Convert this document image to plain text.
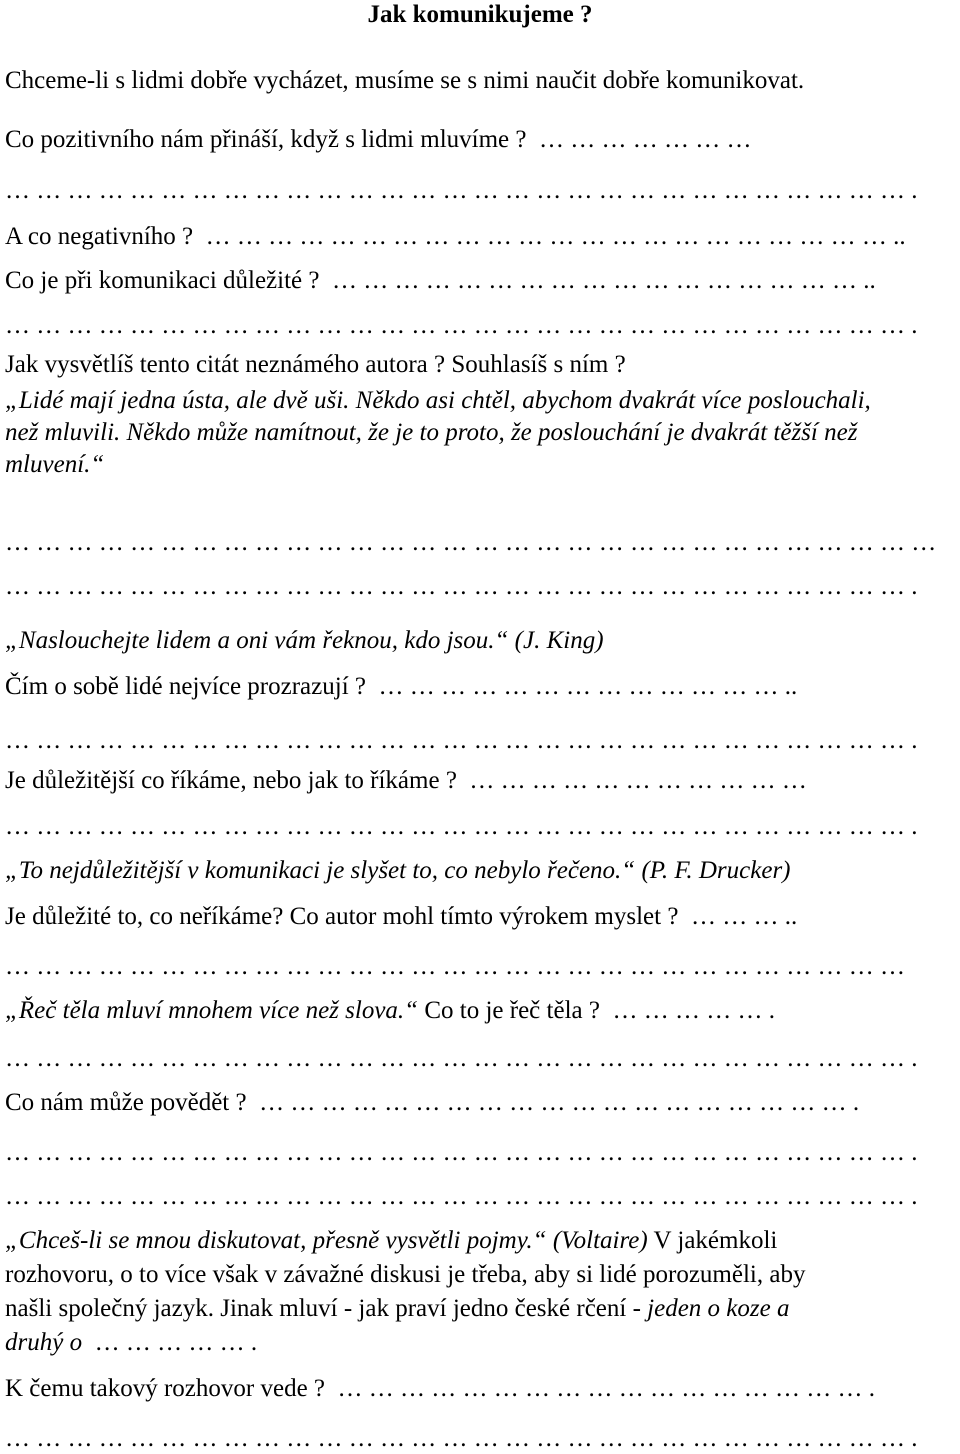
Jak komunikujeme ?
Chceme-li s lidmi dobře vycházet, musíme se s nimi naučit dobře komunikovat.
Co pozitivního nám přináší, když s lidmi mluvíme ?  … … … … … … …
… … … … … … … … … … … … … … … … … … … … … … … … … … … … … .
A co negativního ?  … … … … … … … … … … … … … … … … … … … … … … ..
Co je při komunikaci důležité ?  … … … … … … … … … … … … … … … … … ..
… … … … … … … … … … … … … … … … … … … … … … … … … … … … … .
Jak vysvětlíš tento citát neznámého autora ? Souhlasíš s ním ?
„Lidé mají jedna ústa, ale dvě uši. Někdo asi chtěl, abychom dvakrát více poslouchali,
než mluvili. Někdo může namítnout, že je to proto, že poslouchání je dvakrát těžší než
mluvení.“
… … … … … … … … … … … … … … … … … … … … … … … … … … … … … …
… … … … … … … … … … … … … … … … … … … … … … … … … … … … … .
„Naslouchejte lidem a oni vám řeknou, kdo jsou.“ (J. King)
Čím o sobě lidé nejvíce prozrazují ?  … … … … … … … … … … … … … ..
… … … … … … … … … … … … … … … … … … … … … … … … … … … … … .
Je důležitější co říkáme, nebo jak to říkáme ?  … … … … … … … … … … …
… … … … … … … … … … … … … … … … … … … … … … … … … … … … … .
„To nejdůležitější v komunikaci je slyšet to, co nebylo řečeno.“ (P. F. Drucker)
Je důležité to, co neříkáme? Co autor mohl tímto výrokem myslet ?  … … … ..
… … … … … … … … … … … … … … … … … … … … … … … … … … … … …
„Řeč těla mluví mnohem více než slova.“ Co to je řeč těla ?  … … … … … .
… … … … … … … … … … … … … … … … … … … … … … … … … … … … … .
Co nám může povědět ?  … … … … … … … … … … … … … … … … … … … .
… … … … … … … … … … … … … … … … … … … … … … … … … … … … … .
… … … … … … … … … … … … … … … … … … … … … … … … … … … … … .
„Chceš-li se mnou diskutovat, přesně vysvětli pojmy.“ (Voltaire) V jakémkoli
rozhovoru, o to více však v závažné diskusi je třeba, aby si lidé porozuměli, aby
našli společný jazyk. Jinak mluví - jak praví jedno české rčení - jeden o koze a
druhý o  … … … … … .
K čemu takový rozhovor vede ?  … … … … … … … … … … … … … … … … … .
… … … … … … … … … … … … … … … … … … … … … … … … … … … … … .
